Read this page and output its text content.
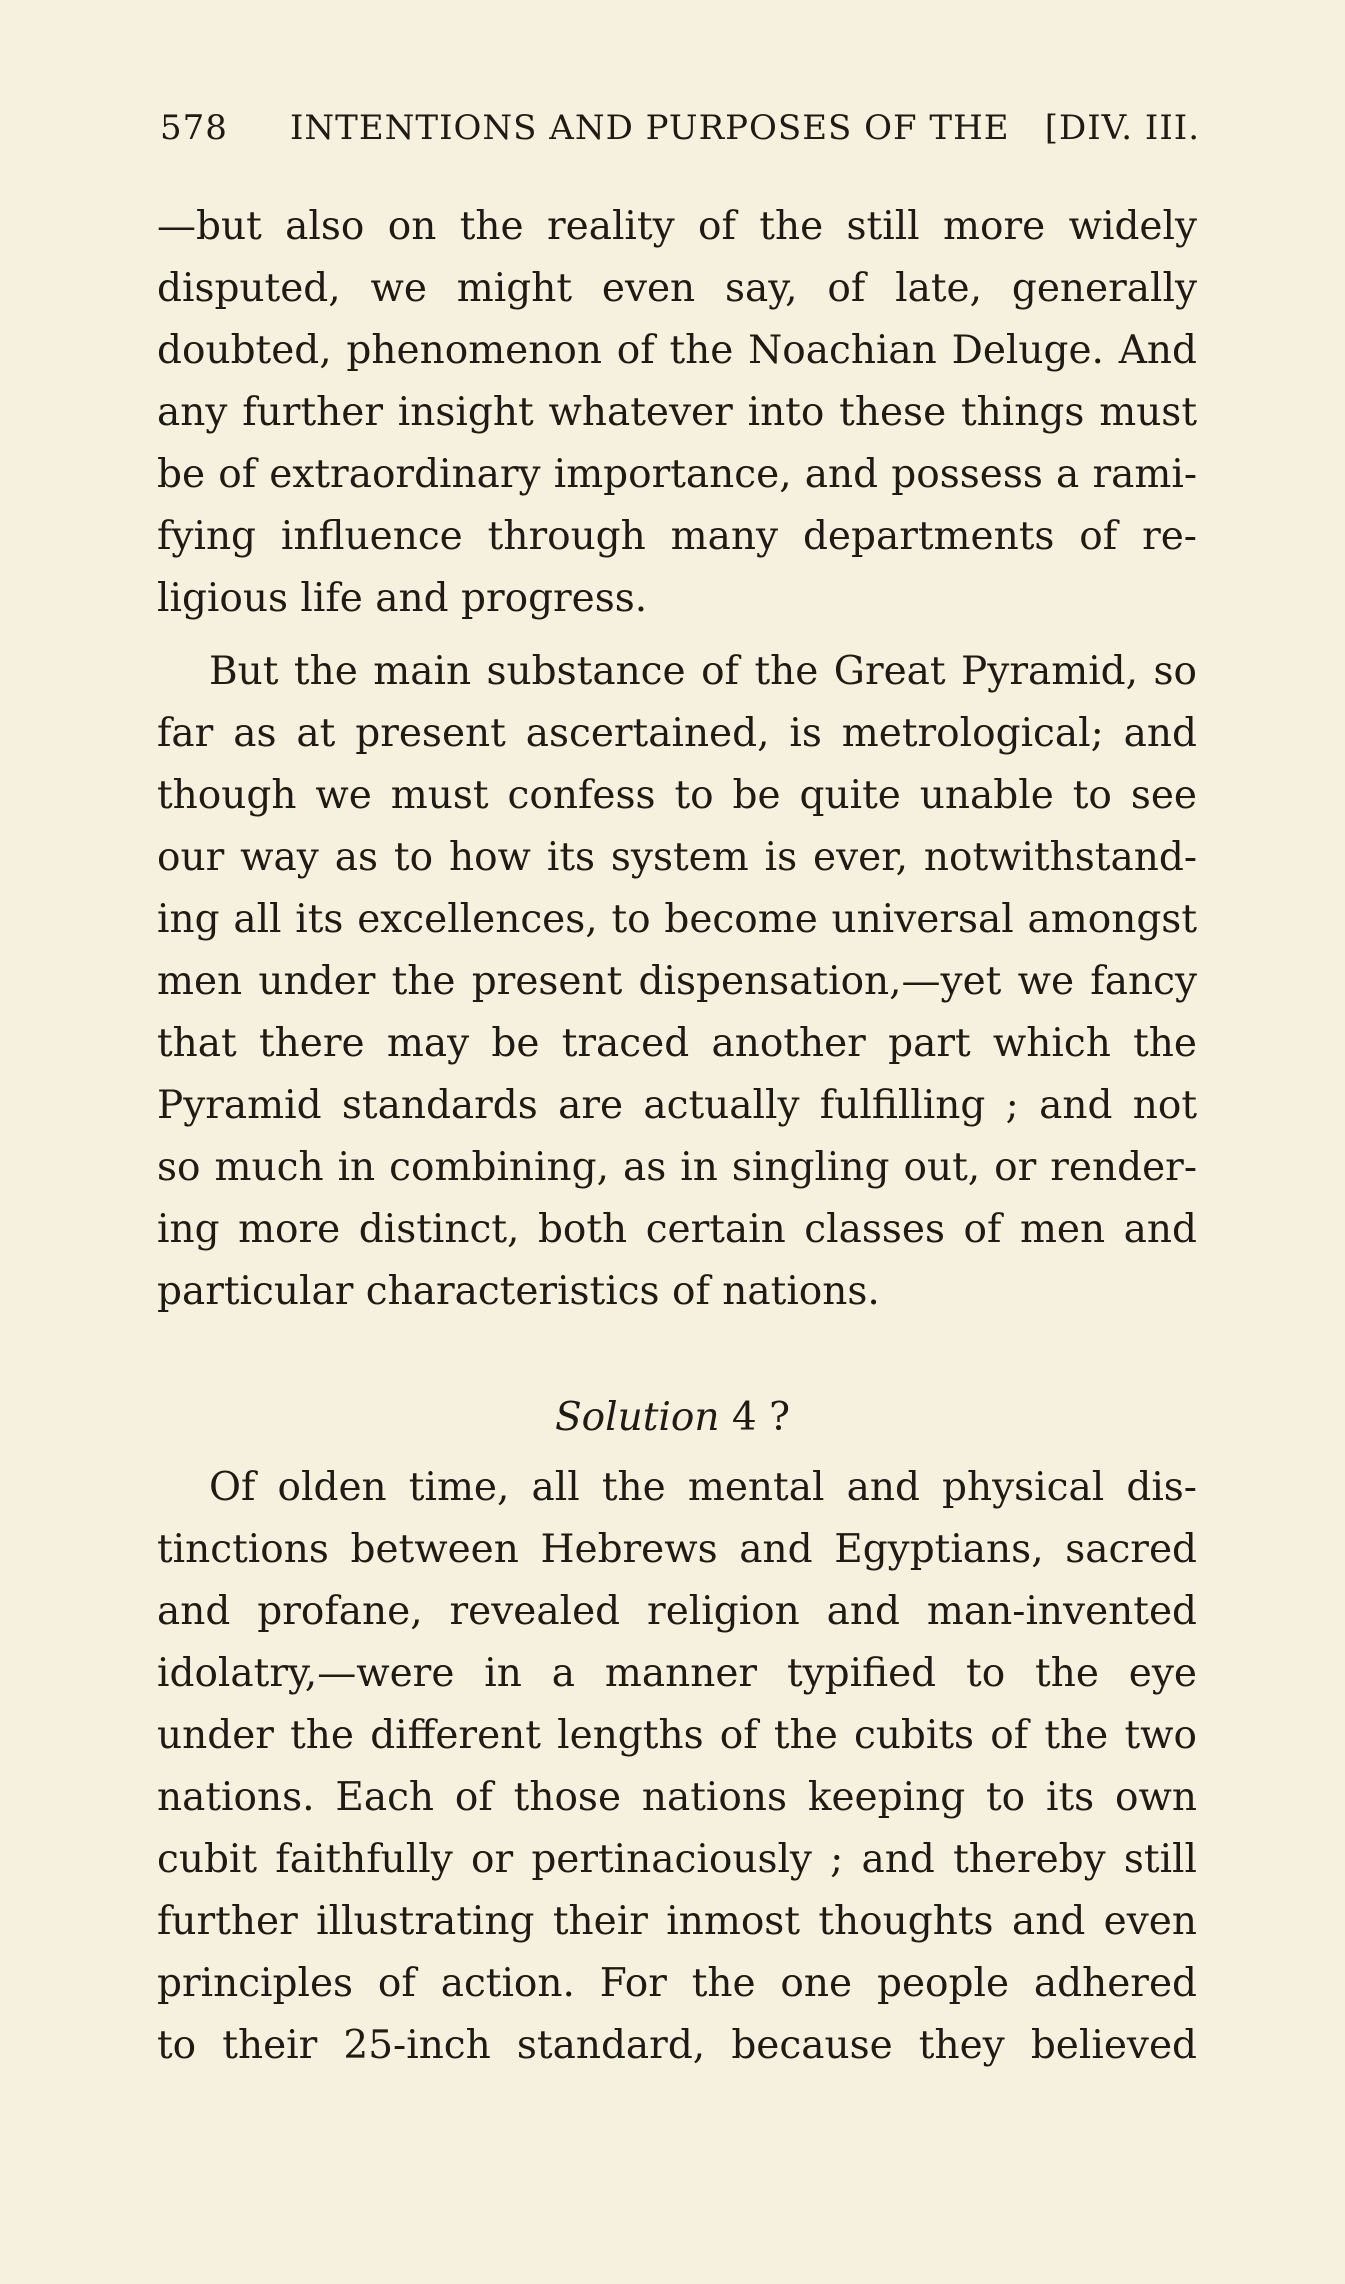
578 INTENTIONS AND PURPOSES OF THE [DIV. III.
—but also on the reality of the still more widely
disputed, we might even say, of late, generally
doubted, phenomenon of the Noachian Deluge. And
any further insight whatever into these things must
be of extraordinary importance, and possess a rami-
fying influence through many departments of re-
ligious life and progress.
But the main substance of the Great Pyramid, so
far as at present ascertained, is metrological; and
though we must confess to be quite unable to see
our way as to how its system is ever, notwithstand-
ing all its excellences, to become universal amongst
men under the present dispensation,—yet we fancy
that there may be traced another part which the
Pyramid standards are actually fulfilling ; and not
so much in combining, as in singling out, or render-
ing more distinct, both certain classes of men and
particular characteristics of nations.
Solution 4 ?
Of olden time, all the mental and physical dis-
tinctions between Hebrews and Egyptians, sacred
and profane, revealed religion and man-invented
idolatry,—were in a manner typified to the eye
under the different lengths of the cubits of the two
nations. Each of those nations keeping to its own
cubit faithfully or pertinaciously ; and thereby still
further illustrating their inmost thoughts and even
principles of action. For the one people adhered
to their 25-inch standard, because they believed
